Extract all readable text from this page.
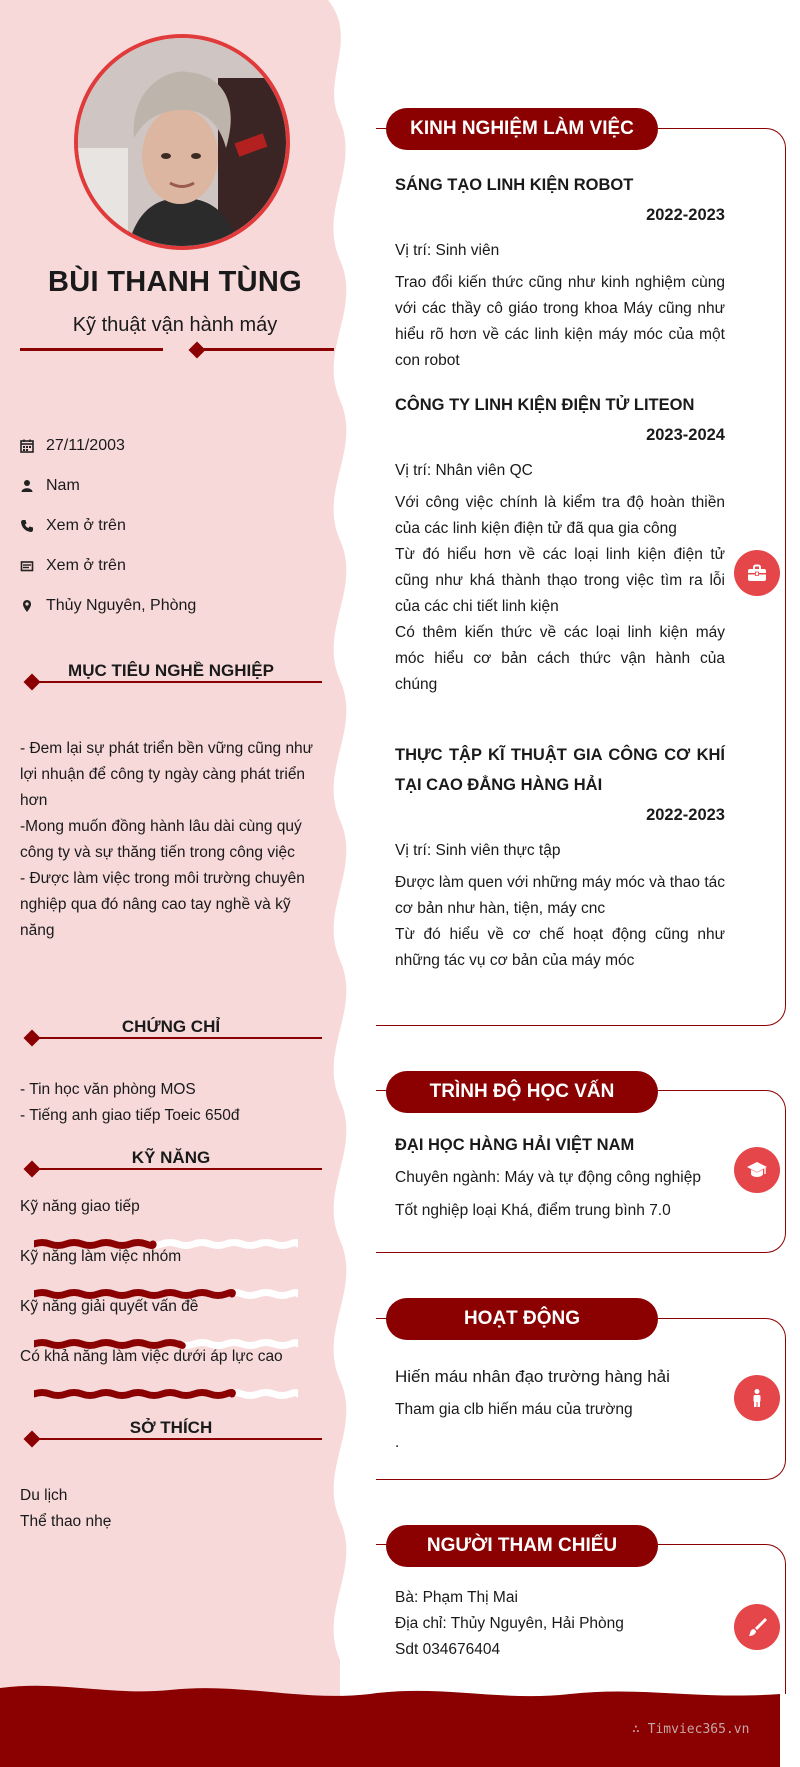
BÙI THANH TÙNG
Kỹ thuật vận hành máy
27/11/2003
Nam
Xem ở trên
Xem ở trên
Thủy Nguyên, Phòng
MỤC TIÊU NGHỀ NGHIỆP
- Đem lại sự phát triển bền vững cũng như lợi nhuận để công ty ngày càng phát triển hơn
-Mong muốn đồng hành lâu dài cùng quý công ty và sự thăng tiến trong công việc
- Được làm việc trong môi trường chuyên nghiệp qua đó nâng cao tay nghề và kỹ năng
CHỨNG CHỈ
- Tin học văn phòng MOS
- Tiếng anh giao tiếp Toeic 650đ
KỸ NĂNG
Kỹ năng giao tiếp
Kỹ năng làm việc nhóm
Kỹ năng giải quyết vấn đề
Có khả năng làm việc dưới áp lực cao
SỞ THÍCH
Du lịch
Thể thao nhẹ
KINH NGHIỆM LÀM VIỆC
SÁNG TẠO LINH KIỆN ROBOT
2022-2023
Vị trí: Sinh viên
Trao đổi kiến thức cũng như kinh nghiệm cùng với các thầy cô giáo trong khoa Máy cũng như hiểu rõ hơn về các linh kiện máy móc của một con robot
CÔNG TY LINH KIỆN ĐIỆN TỬ LITEON
2023-2024
Vị trí: Nhân viên QC
Với công việc chính là kiểm tra độ hoàn thiền của các linh kiện điện tử đã qua gia công
Từ đó hiểu hơn về các loại linh kiện điện tử cũng như khá thành thạo trong việc tìm ra lỗi của các chi tiết linh kiện
Có thêm kiến thức về các loại linh kiện máy móc hiểu cơ bản cách thức vận hành của chúng
THỰC TẬP KĨ THUẬT GIA CÔNG CƠ KHÍ TẠI CAO ĐẲNG HÀNG HẢI
2022-2023
Vị trí: Sinh viên thực tập
Được làm quen với những máy móc và thao tác cơ bản như hàn, tiện, máy cnc
Từ đó hiểu về cơ chế hoạt động cũng như những tác vụ cơ bản của máy móc
TRÌNH ĐỘ HỌC VẤN
ĐẠI HỌC HÀNG HẢI VIỆT NAM
Chuyên ngành: Máy và tự động công nghiệp
Tốt nghiệp loại Khá, điểm trung bình 7.0
HOẠT ĐỘNG
Hiến máu nhân đạo trường hàng hải
Tham gia clb hiến máu của trường
.
NGƯỜI THAM CHIẾU
Bà: Phạm Thị Mai
Địa chỉ: Thủy Nguyên, Hải Phòng
Sdt 034676404
∴ Timviec365.vn
